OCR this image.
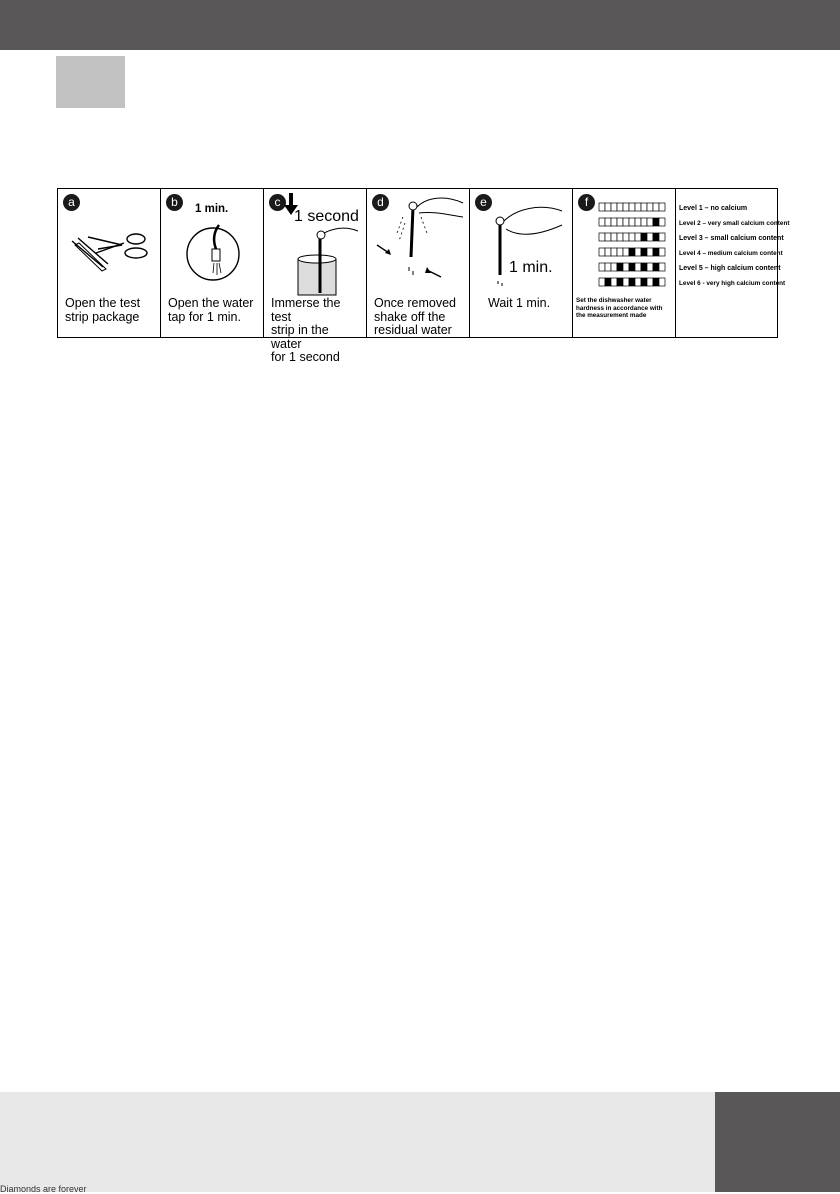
a
Open the test
strip package
b	1 min.
Open the water
tap for 1 min.
c
1 second
Immerse the test
strip in the water
for 1 second
d
Once removed
shake off the
residual water
e
1 min.
Wait 1 min.
f
Set the dishwasher water
hardness in accordance with
the measurement made
Level 1 – no calcium
Level 2 – very small calcium content
Level 3 – small calcium content
Level 4 – medium calcium content
Level 5 – high calcium content
Level 6 - very high calcium content
Diamonds are forever
